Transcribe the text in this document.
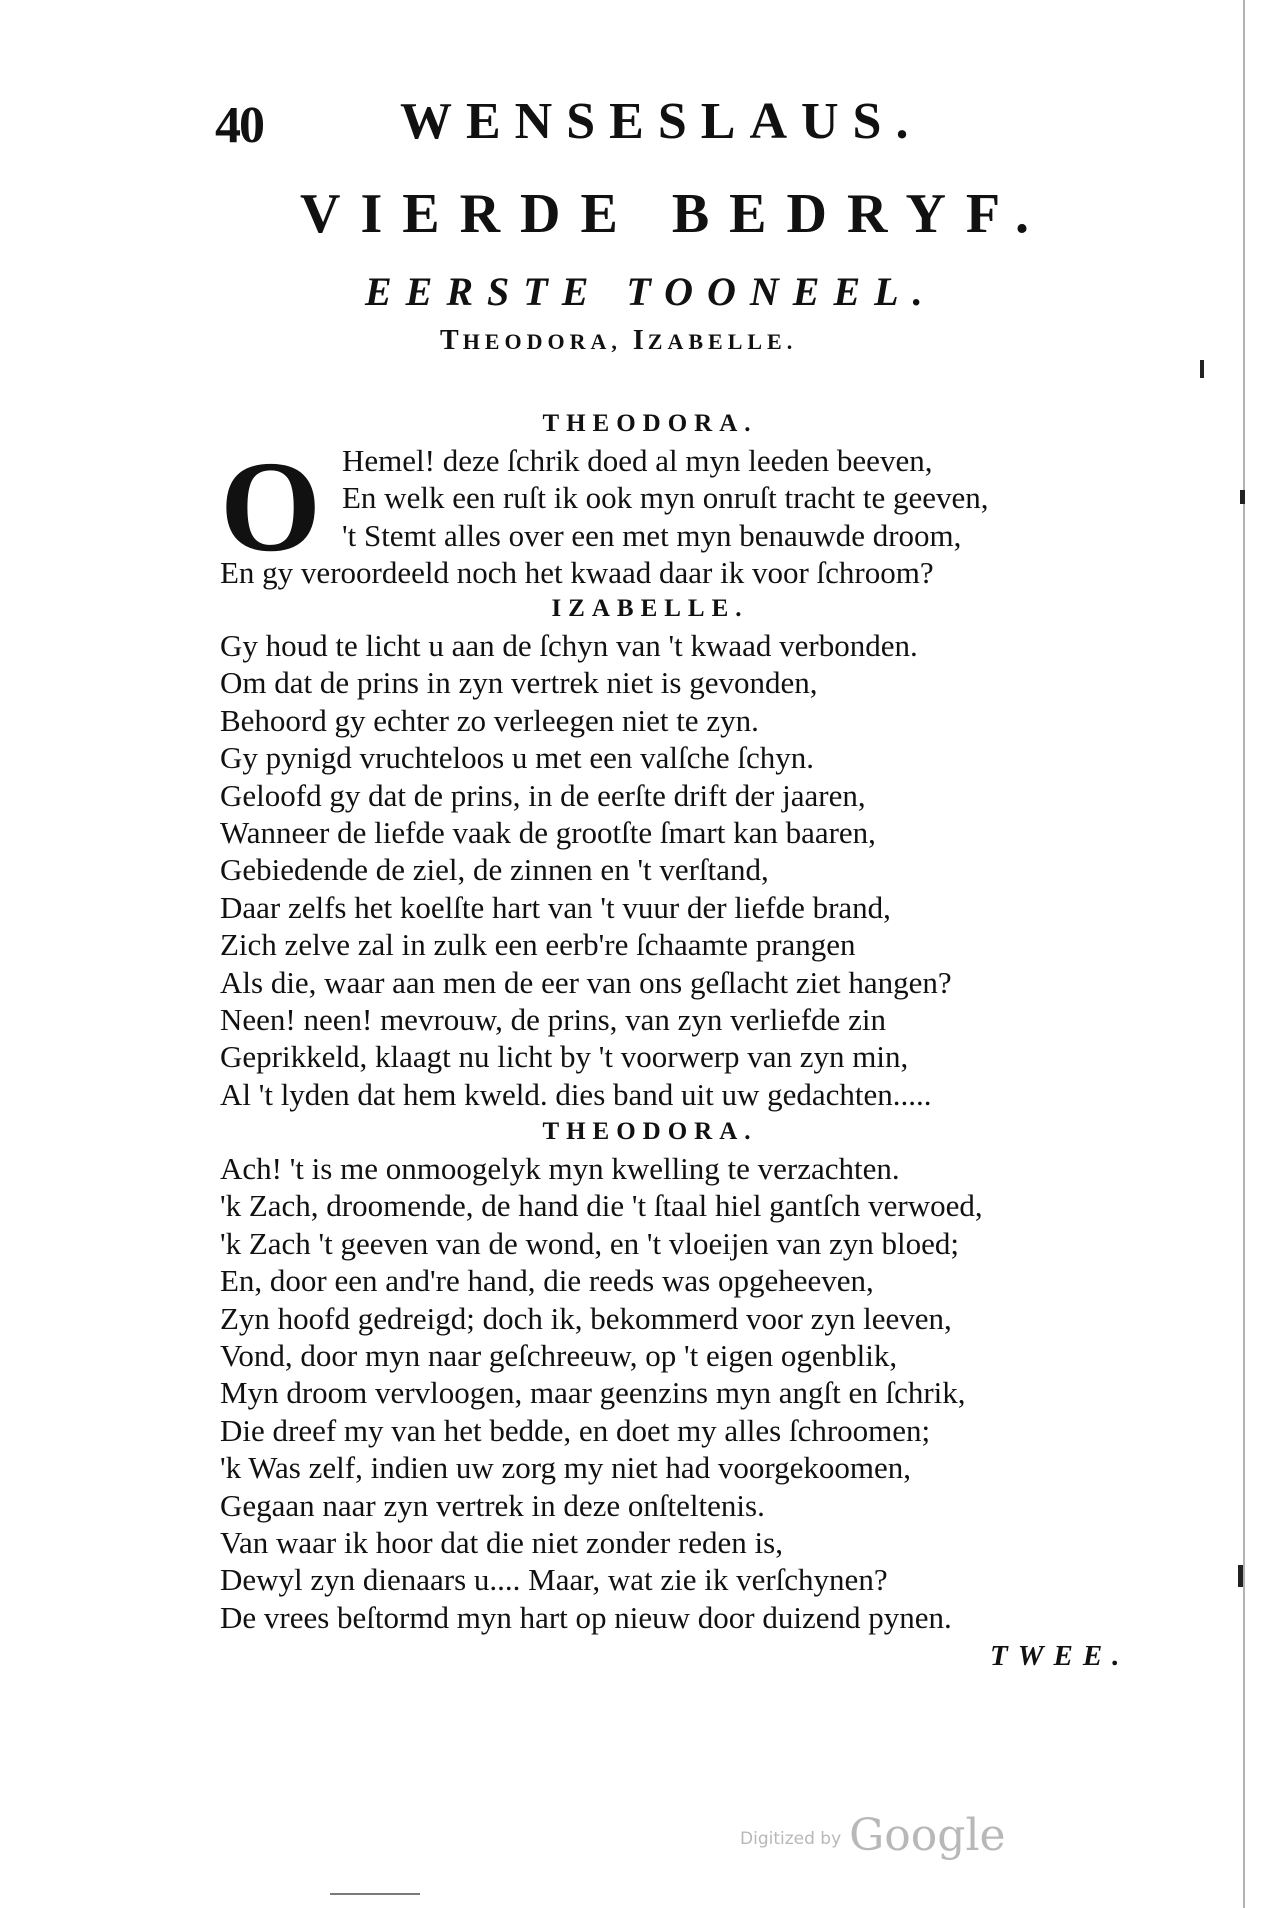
40	WENSESLAUS.
VIERDE BEDRYF.
EERSTE TOONEEL.
THEODORA, IZABELLE.
THEODORA.
O Hemel! deze ſchrik doed al myn leeden beeven,
En welk een ruſt ik ook myn onruſt tracht te geeven,
't Stemt alles over een met myn benauwde droom,
En gy veroordeeld noch het kwaad daar ik voor ſchroom?
IZABELLE.
Gy houd te licht u aan de ſchyn van 't kwaad verbonden.
Om dat de prins in zyn vertrek niet is gevonden,
Behoord gy echter zo verleegen niet te zyn.
Gy pynigd vruchteloos u met een valſche ſchyn.
Geloofd gy dat de prins, in de eerſte drift der jaaren,
Wanneer de liefde vaak de grootſte ſmart kan baaren,
Gebiedende de ziel, de zinnen en 't verſtand,
Daar zelfs het koelſte hart van 't vuur der liefde brand,
Zich zelve zal in zulk een eerb're ſchaamte prangen
Als die, waar aan men de eer van ons geſlacht ziet hangen?
Neen! neen! mevrouw, de prins, van zyn verliefde zin
Geprikkeld, klaagt nu licht by 't voorwerp van zyn min,
Al 't lyden dat hem kweld. dies band uit uw gedachten.....
THEODORA.
Ach! 't is me onmoogelyk myn kwelling te verzachten.
'k Zach, droomende, de hand die 't ſtaal hiel gantſch verwoed,
'k Zach 't geeven van de wond, en 't vloeijen van zyn bloed;
En, door een and're hand, die reeds was opgeheeven,
Zyn hoofd gedreigd; doch ik, bekommerd voor zyn leeven,
Vond, door myn naar geſchreeuw, op 't eigen ogenblik,
Myn droom vervloogen, maar geenzins myn angſt en ſchrik,
Die dreef my van het bedde, en doet my alles ſchroomen;
'k Was zelf, indien uw zorg my niet had voorgekoomen,
Gegaan naar zyn vertrek in deze onſteltenis.
Van waar ik hoor dat die niet zonder reden is,
Dewyl zyn dienaars u.... Maar, wat zie ik verſchynen?
De vrees beſtormd myn hart op nieuw door duizend pynen.
TWEE.
Digitized by Google
